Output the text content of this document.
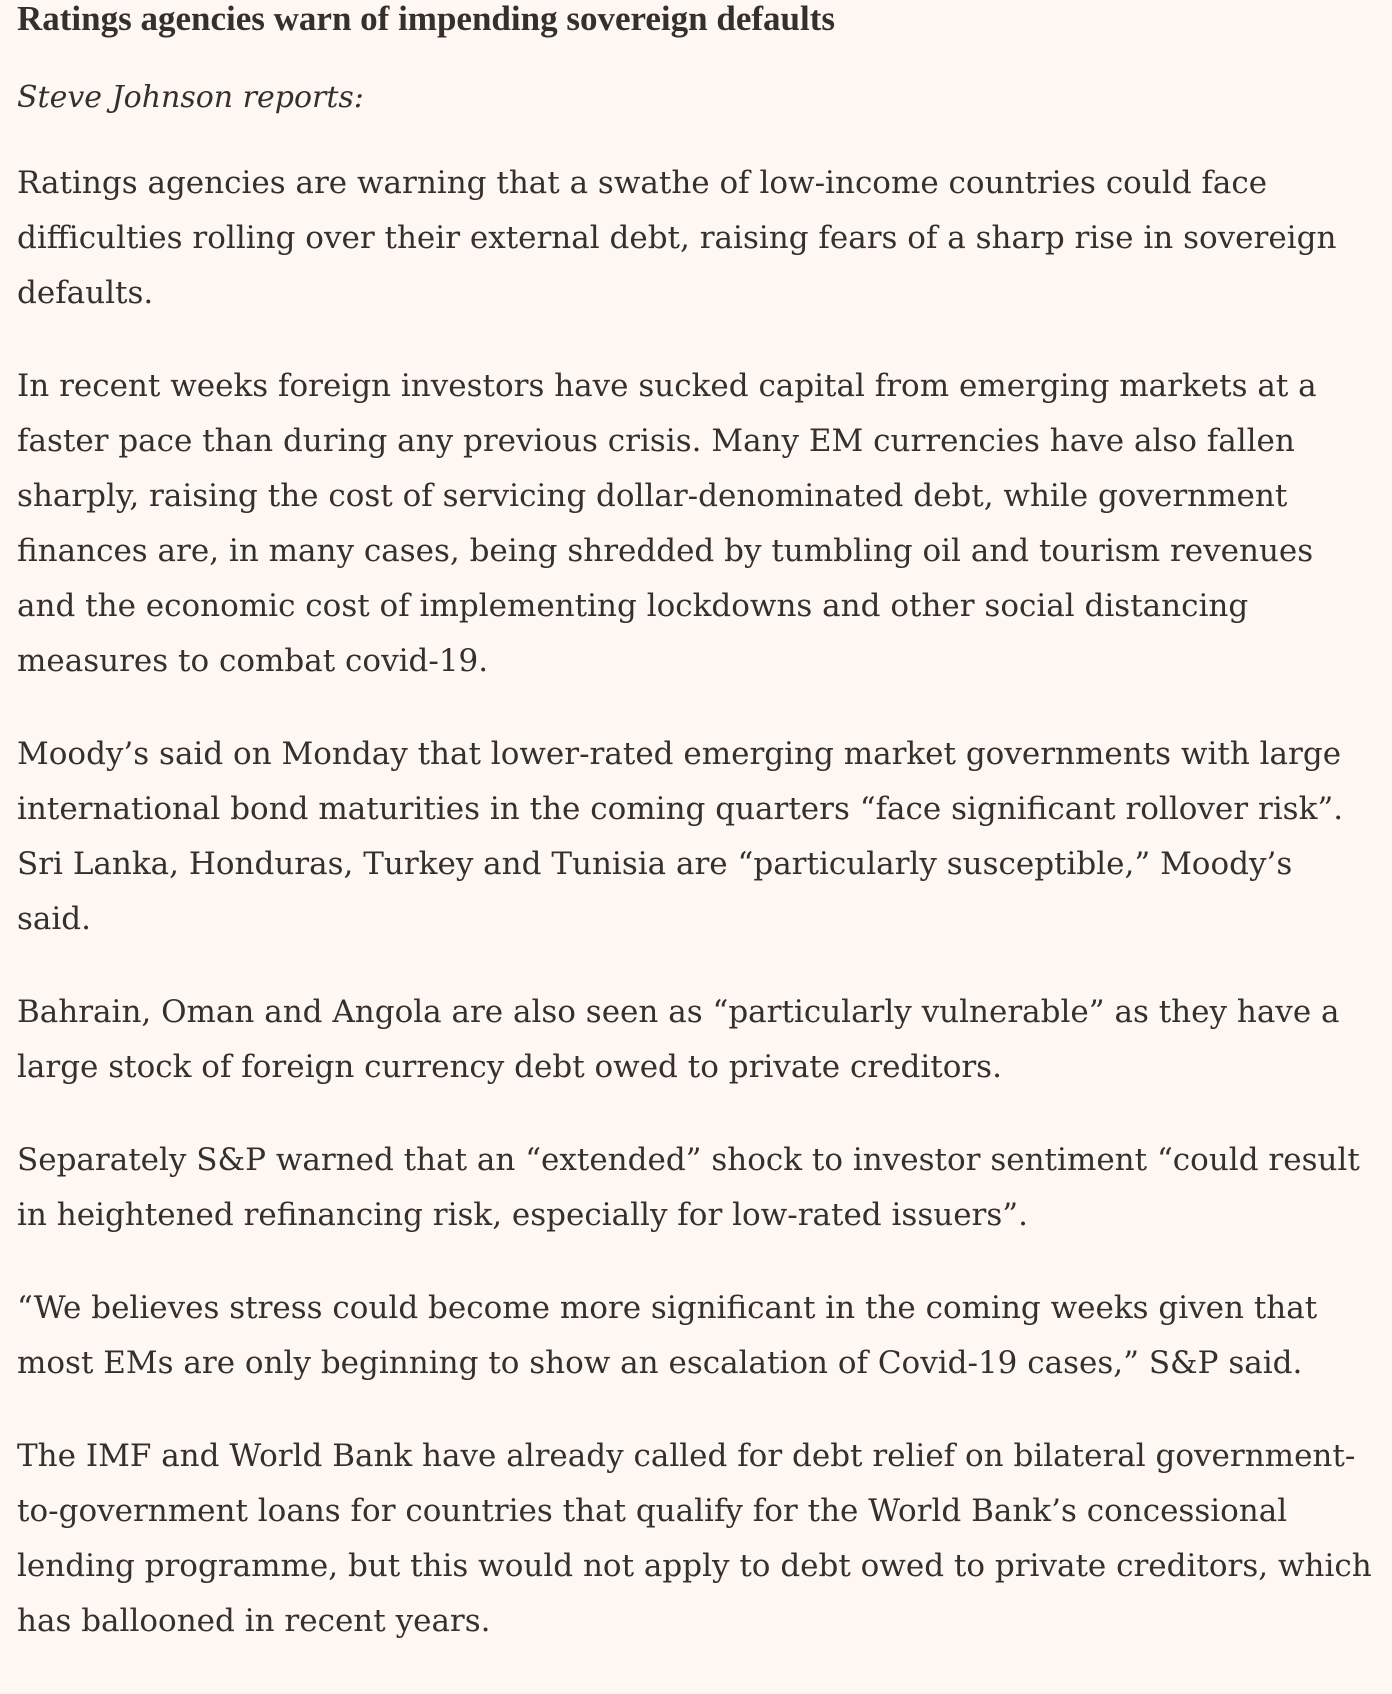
Ratings agencies warn of impending sovereign defaults

Steve Johnson reports:

Ratings agencies are warning that a swathe of low-income countries could face difficulties rolling over their external debt, raising fears of a sharp rise in sovereign defaults.

In recent weeks foreign investors have sucked capital from emerging markets at a faster pace than during any previous crisis. Many EM currencies have also fallen sharply, raising the cost of servicing dollar-denominated debt, while government finances are, in many cases, being shredded by tumbling oil and tourism revenues and the economic cost of implementing lockdowns and other social distancing measures to combat covid-19.

Moody’s said on Monday that lower-rated emerging market governments with large international bond maturities in the coming quarters “face significant rollover risk”. Sri Lanka, Honduras, Turkey and Tunisia are “particularly susceptible,” Moody’s said.

Bahrain, Oman and Angola are also seen as “particularly vulnerable” as they have a large stock of foreign currency debt owed to private creditors.

Separately S&P warned that an “extended” shock to investor sentiment “could result in heightened refinancing risk, especially for low-rated issuers”.

“We believes stress could become more significant in the coming weeks given that most EMs are only beginning to show an escalation of Covid-19 cases,” S&P said.

The IMF and World Bank have already called for debt relief on bilateral government-to-government loans for countries that qualify for the World Bank’s concessional lending programme, but this would not apply to debt owed to private creditors, which has ballooned in recent years.
